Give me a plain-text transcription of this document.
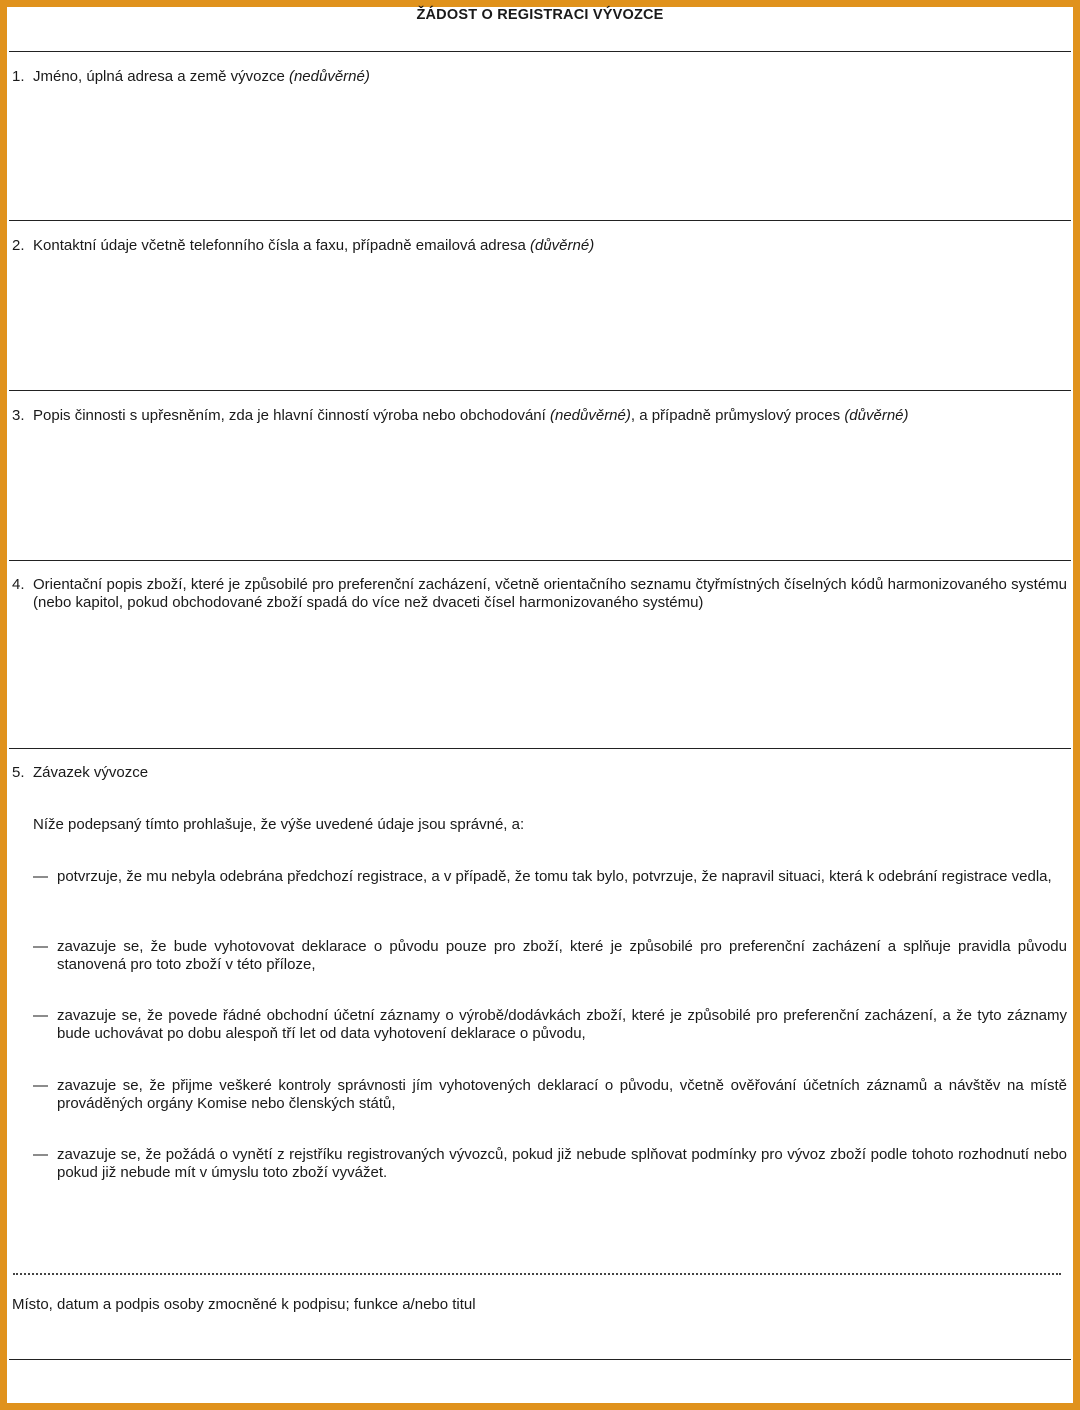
ŽÁDOST O REGISTRACI VÝVOZCE
1. Jméno, úplná adresa a země vývozce (nedůvěrné)
2. Kontaktní údaje včetně telefonního čísla a faxu, případně emailová adresa (důvěrné)
3. Popis činnosti s upřesněním, zda je hlavní činností výroba nebo obchodování (nedůvěrné), a případně průmyslový proces (důvěrné)
4. Orientační popis zboží, které je způsobilé pro preferenční zacházení, včetně orientačního seznamu čtyřmístných číselných kódů harmonizovaného systému (nebo kapitol, pokud obchodované zboží spadá do více než dvaceti čísel harmonizovaného systému)
5. Závazek vývozce
Níže podepsaný tímto prohlašuje, že výše uvedené údaje jsou správné, a:
— potvrzuje, že mu nebyla odebrána předchozí registrace, a v případě, že tomu tak bylo, potvrzuje, že napravil situaci, která k odebrání registrace vedla,
— zavazuje se, že bude vyhotovovat deklarace o původu pouze pro zboží, které je způsobilé pro preferenční zacházení a splňuje pravidla původu stanovená pro toto zboží v této příloze,
— zavazuje se, že povede řádné obchodní účetní záznamy o výrobě/dodávkách zboží, které je způsobilé pro preferenční zacházení, a že tyto záznamy bude uchovávat po dobu alespoň tří let od data vyhotovení deklarace o původu,
— zavazuje se, že přijme veškeré kontroly správnosti jím vyhotovených deklarací o původu, včetně ověřování účetních záznamů a návštěv na místě prováděných orgány Komise nebo členských států,
— zavazuje se, že požádá o vynětí z rejstříku registrovaných vývozců, pokud již nebude splňovat podmínky pro vývoz zboží podle tohoto rozhodnutí nebo pokud již nebude mít v úmyslu toto zboží vyvážet.
Místo, datum a podpis osoby zmocněné k podpisu; funkce a/nebo titul
